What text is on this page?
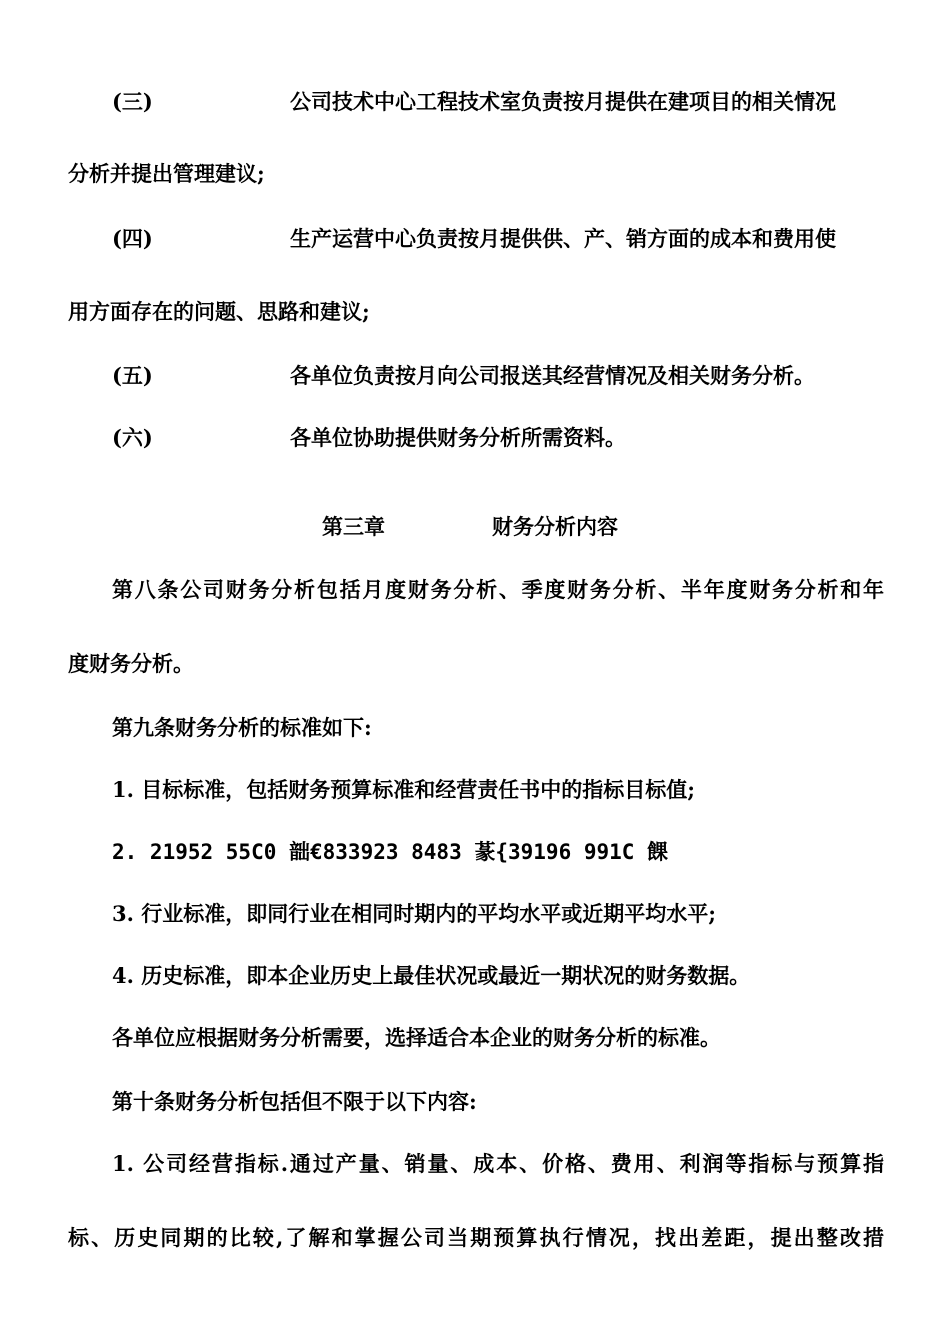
(三)	公司技术中心工程技术室负责按月提供在建项目的相关情况
分析并提出管理建议;
(四)	生产运营中心负责按月提供供、产、销方面的成本和费用使
用方面存在的问题、思路和建议;
(五)	各单位负责按月向公司报送其经营情况及相关财务分析。
(六)	各单位协助提供财务分析所需资料。
第三章	财务分析内容
第八条公司财务分析包括月度财务分析、季度财务分析、半年度财务分析和年
度财务分析。
第九条财务分析的标准如下:
1. 目标标准，包括财务预算标准和经营责任书中的指标目标值;
2. 21952 55C0 韷€833923 8483 蒃{39196 991C 餜
3. 行业标准，即同行业在相同时期内的平均水平或近期平均水平;
4. 历史标准，即本企业历史上最佳状况或最近一期状况的财务数据。
各单位应根据财务分析需要，选择适合本企业的财务分析的标准。
第十条财务分析包括但不限于以下内容:
1. 公司经营指标.通过产量、销量、成本、价格、费用、利润等指标与预算指
标、历史同期的比较,了解和掌握公司当期预算执行情况，找出差距，提出整改措
